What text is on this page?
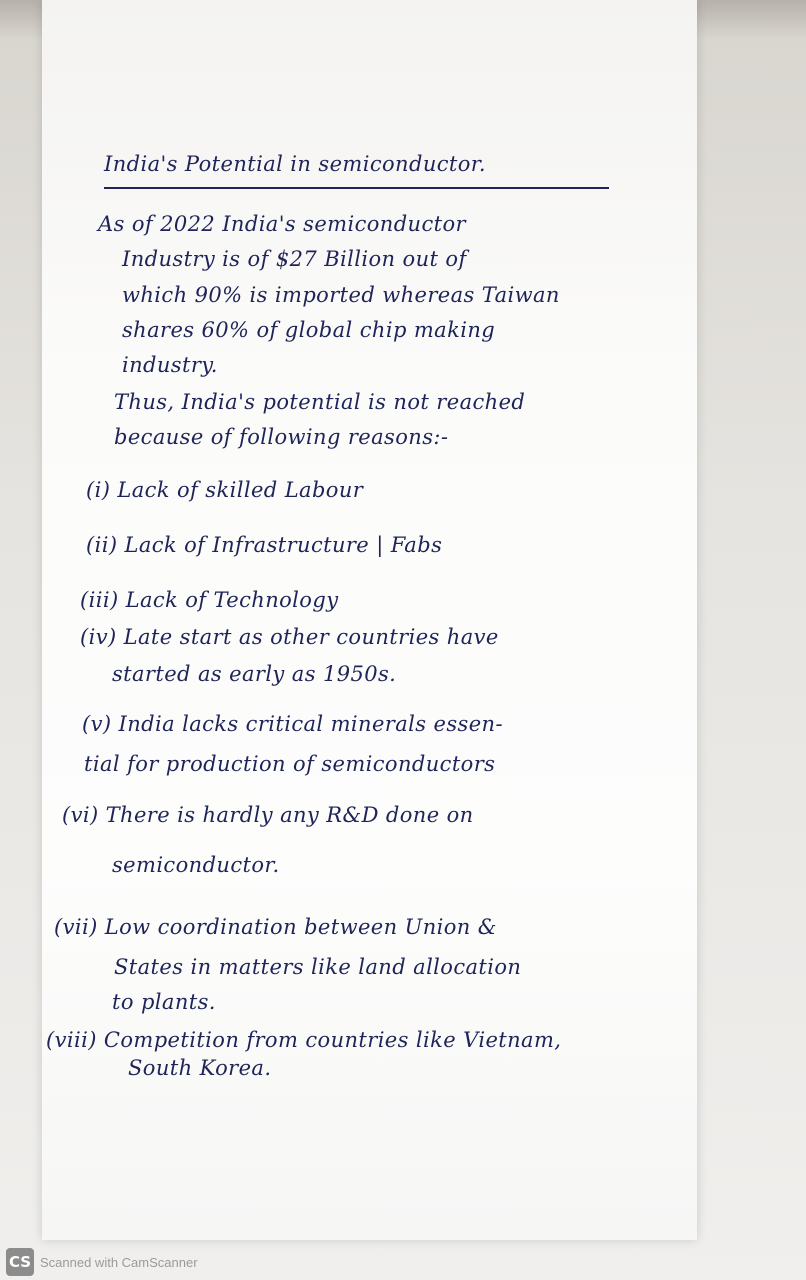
India's Potential in semiconductor.
As of 2022 India's semiconductor
Industry is of $27 Billion out of
which 90% is imported whereas Taiwan
shares 60% of global chip making
industry.
Thus, India's potential is not reached
because of following reasons:-
(i) Lack of skilled Labour
(ii) Lack of Infrastructure | Fabs
(iii) Lack of Technology
(iv) Late start as other countries have
started as early as 1950s.
(v) India lacks critical minerals essen-
tial for production of semiconductors
(vi) There is hardly any R&D done on
semiconductor.
(vii) Low coordination between Union &
States in matters like land allocation
to plants.
(viii) Competition from countries like Vietnam,
South Korea.
CS Scanned with CamScanner
